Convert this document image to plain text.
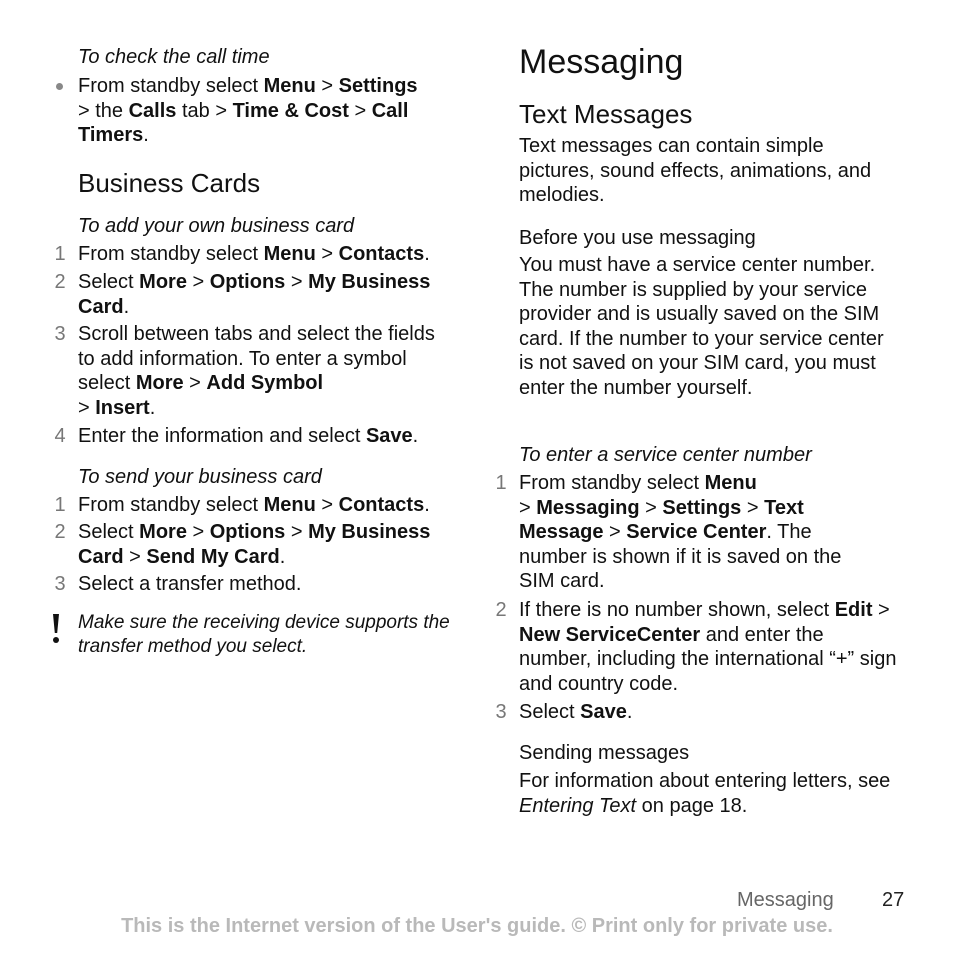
To check the call time
From standby select Menu > Settings
> the Calls tab > Time & Cost > Call Timers.
Business Cards
To add your own business card
1 From standby select Menu > Contacts.
2 Select More > Options > My Business Card.
3 Scroll between tabs and select the fields to add information. To enter a symbol select More > Add Symbol
> Insert.
4 Enter the information and select Save.
To send your business card
1 From standby select Menu > Contacts.
2 Select More > Options > My Business Card > Send My Card.
3 Select a transfer method.
Make sure the receiving device supports the transfer method you select.
Messaging
Text Messages
Text messages can contain simple pictures, sound effects, animations, and melodies.
Before you use messaging
You must have a service center number. The number is supplied by your service provider and is usually saved on the SIM card. If the number to your service center is not saved on your SIM card, you must enter the number yourself.
To enter a service center number
1 From standby select Menu
> Messaging > Settings > Text Message > Service Center. The number is shown if it is saved on the SIM card.
2 If there is no number shown, select Edit > New ServiceCenter and enter the number, including the international “+” sign and country code.
3 Select Save.
Sending messages
For information about entering letters, see Entering Text on page 18.
Messaging 27
This is the Internet version of the User's guide. © Print only for private use.
